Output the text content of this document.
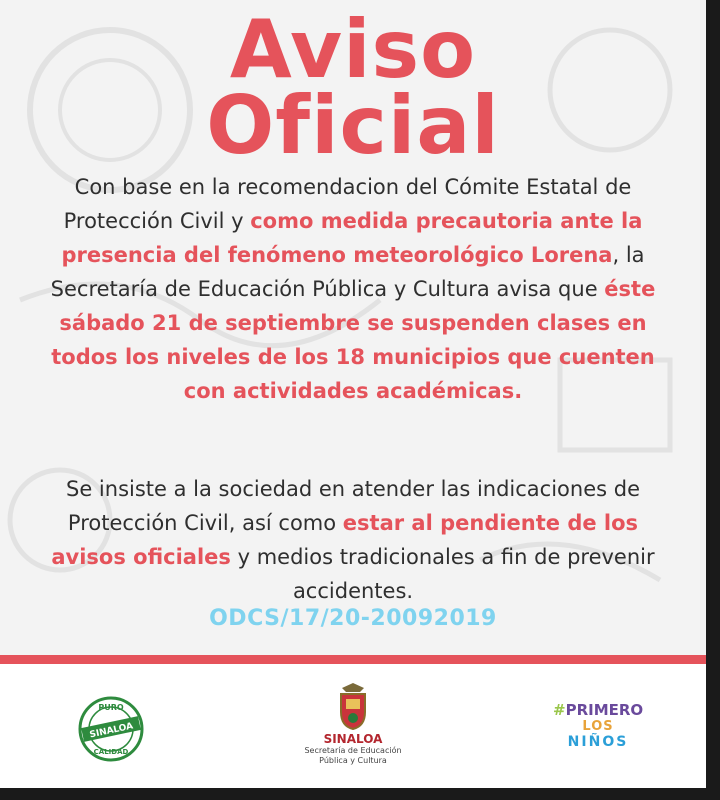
Aviso
Oficial
Con base en la recomendacion del Cómite Estatal de Protección Civil y como medida precautoria ante la presencia del fenómeno meteorológico Lorena, la Secretaría de Educación Pública y Cultura avisa que éste sábado 21 de septiembre se suspenden clases en todos los niveles de los 18 municipios que cuenten con actividades académicas.
Se insiste a la sociedad en atender las indicaciones de Protección Civil, así como estar al pendiente de los avisos oficiales y medios tradicionales a fin de prevenir accidentes.
ODCS/17/20-20092019
PURO
SINALOA
CALIDAD
SINALOA
Secretaría de Educación
Pública y Cultura
#PRIMERO
LOS
NIÑOS
